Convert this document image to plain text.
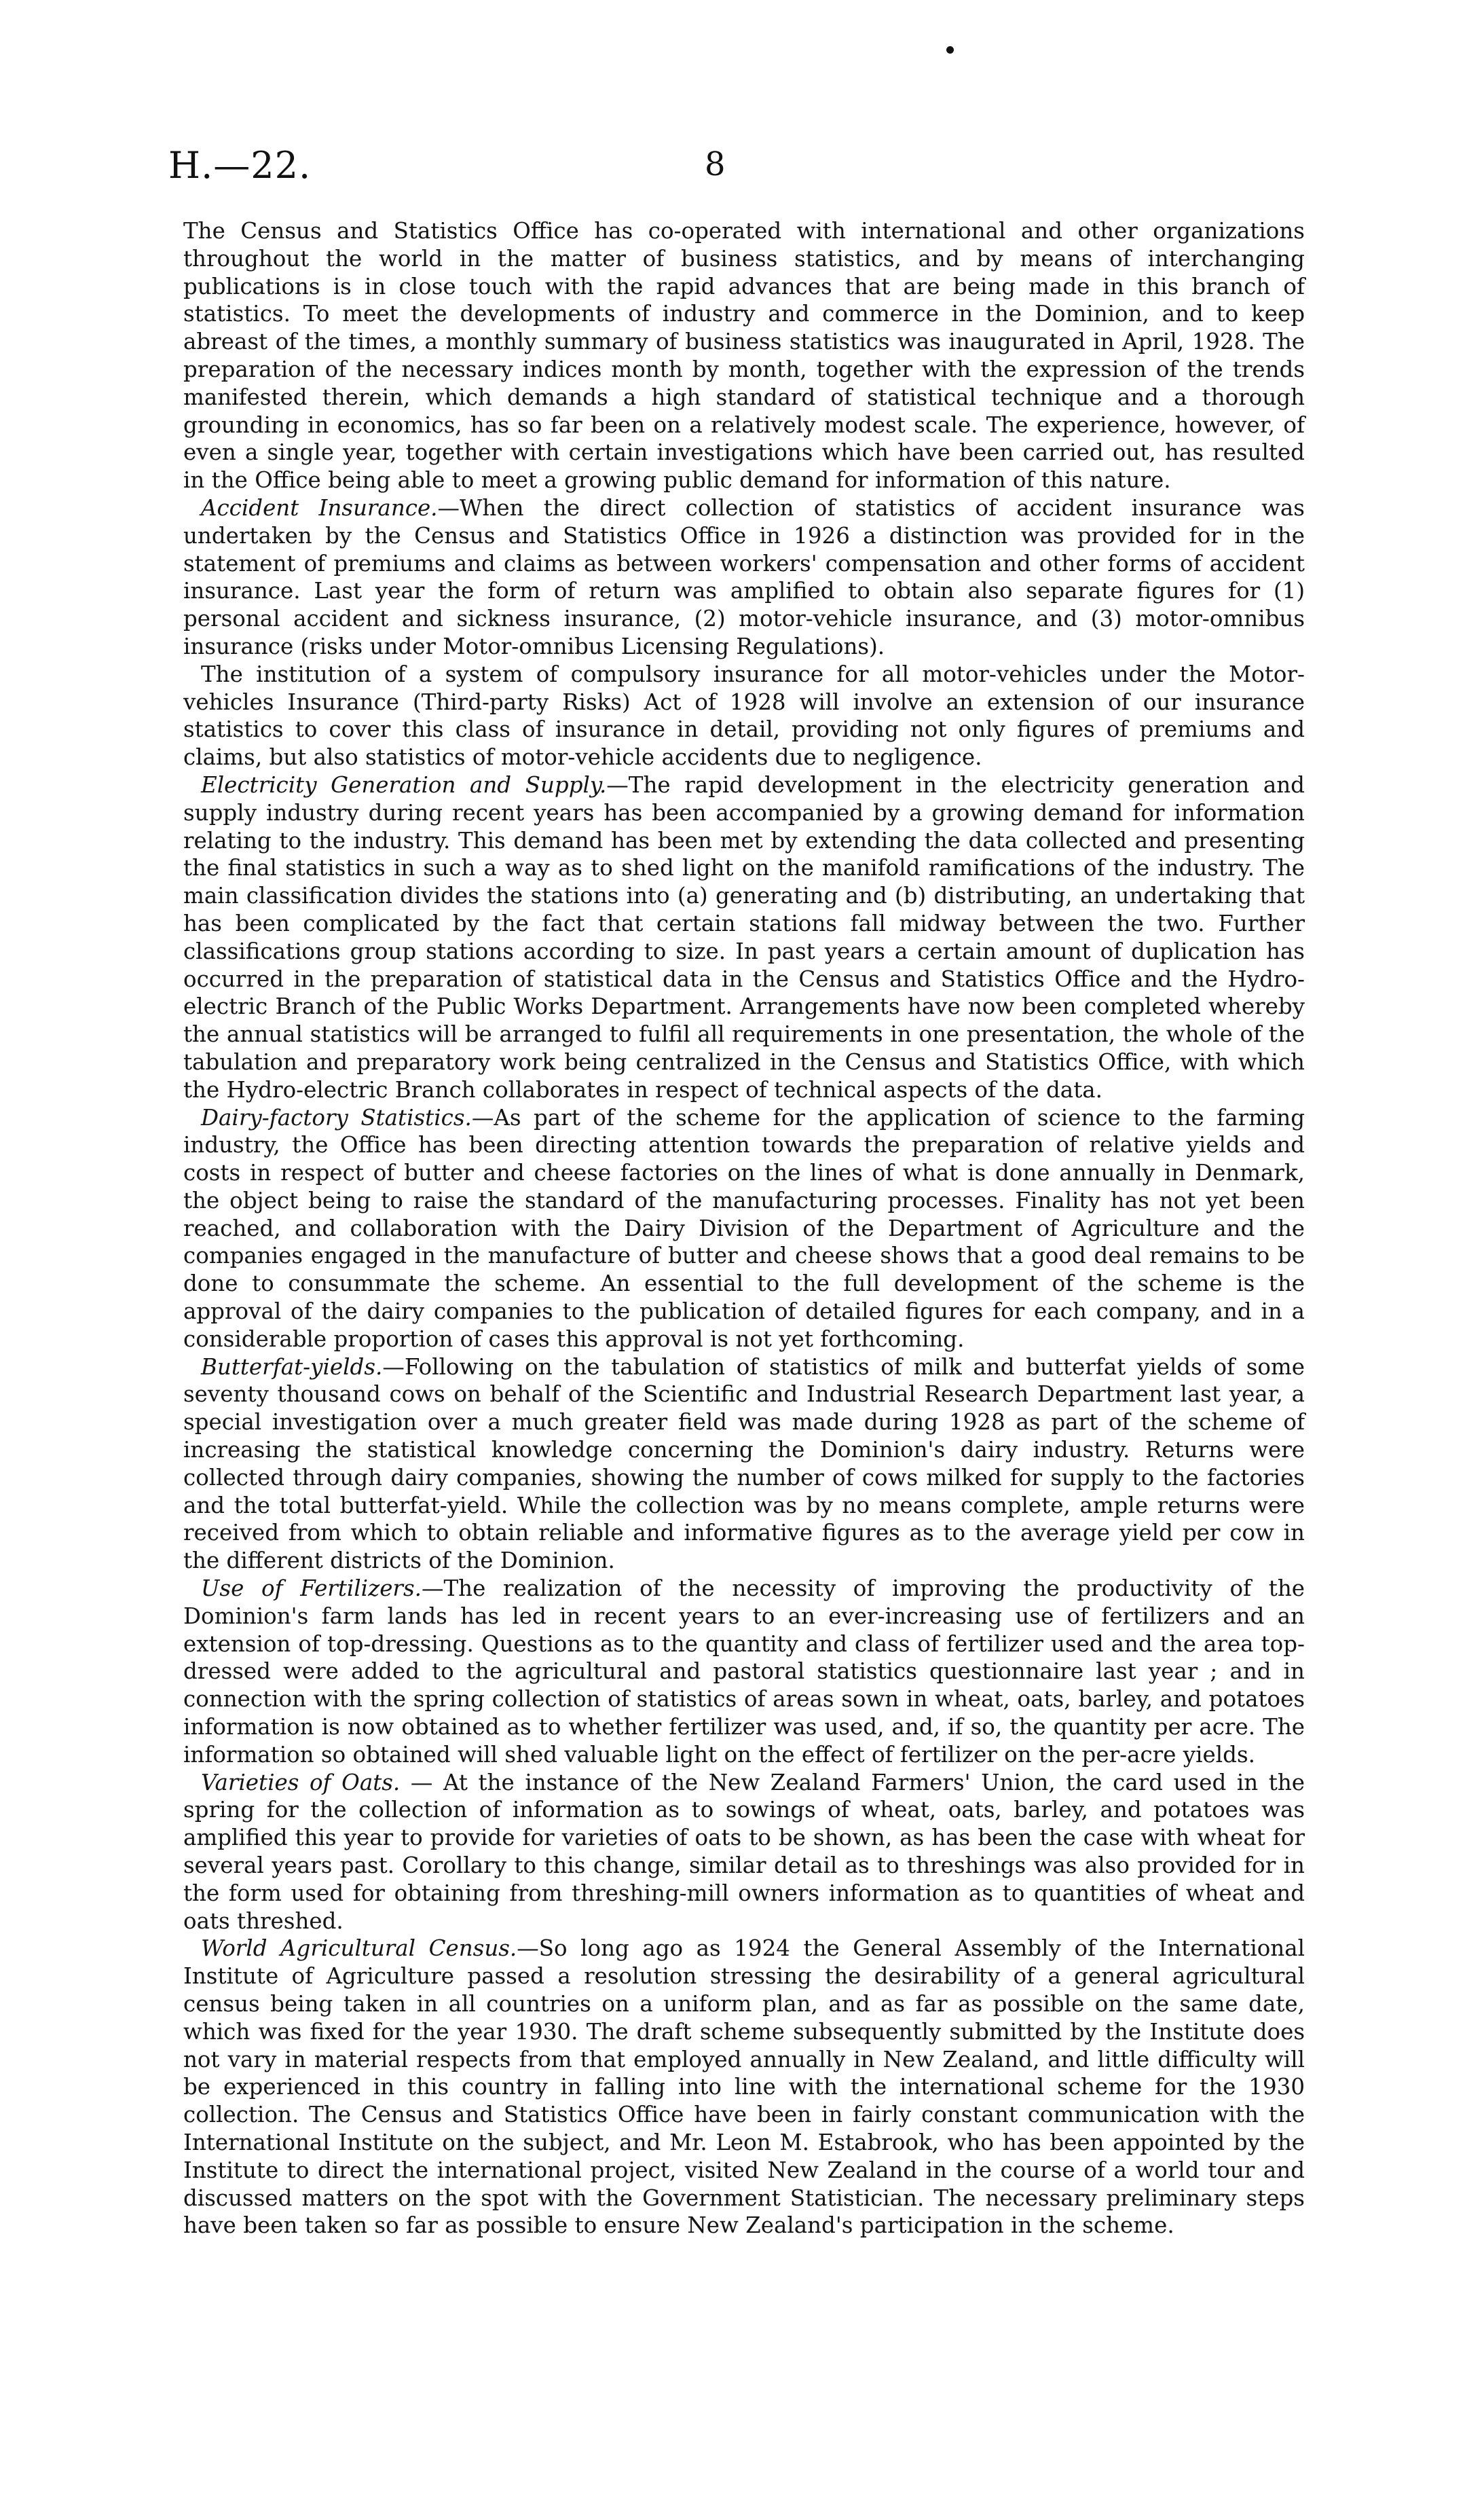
H.—22.	8

The Census and Statistics Office has co-operated with international and other organizations throughout the world in the matter of business statistics, and by means of interchanging publications is in close touch with the rapid advances that are being made in this branch of statistics. To meet the developments of industry and commerce in the Dominion, and to keep abreast of the times, a monthly summary of business statistics was inaugurated in April, 1928. The preparation of the necessary indices month by month, together with the expression of the trends manifested therein, which demands a high standard of statistical technique and a thorough grounding in economics, has so far been on a relatively modest scale. The experience, however, of even a single year, together with certain investigations which have been carried out, has resulted in the Office being able to meet a growing public demand for information of this nature.

Accident Insurance.—When the direct collection of statistics of accident insurance was undertaken by the Census and Statistics Office in 1926 a distinction was provided for in the statement of premiums and claims as between workers' compensation and other forms of accident insurance. Last year the form of return was amplified to obtain also separate figures for (1) personal accident and sickness insurance, (2) motor-vehicle insurance, and (3) motor-omnibus insurance (risks under Motor-omnibus Licensing Regulations).

The institution of a system of compulsory insurance for all motor-vehicles under the Motor-vehicles Insurance (Third-party Risks) Act of 1928 will involve an extension of our insurance statistics to cover this class of insurance in detail, providing not only figures of premiums and claims, but also statistics of motor-vehicle accidents due to negligence.

Electricity Generation and Supply.—The rapid development in the electricity generation and supply industry during recent years has been accompanied by a growing demand for information relating to the industry. This demand has been met by extending the data collected and presenting the final statistics in such a way as to shed light on the manifold ramifications of the industry. The main classification divides the stations into (a) generating and (b) distributing, an undertaking that has been complicated by the fact that certain stations fall midway between the two. Further classifications group stations according to size. In past years a certain amount of duplication has occurred in the preparation of statistical data in the Census and Statistics Office and the Hydro-electric Branch of the Public Works Department. Arrangements have now been completed whereby the annual statistics will be arranged to fulfil all requirements in one presentation, the whole of the tabulation and preparatory work being centralized in the Census and Statistics Office, with which the Hydro-electric Branch collaborates in respect of technical aspects of the data.

Dairy-factory Statistics.—As part of the scheme for the application of science to the farming industry, the Office has been directing attention towards the preparation of relative yields and costs in respect of butter and cheese factories on the lines of what is done annually in Denmark, the object being to raise the standard of the manufacturing processes. Finality has not yet been reached, and collaboration with the Dairy Division of the Department of Agriculture and the companies engaged in the manufacture of butter and cheese shows that a good deal remains to be done to consummate the scheme. An essential to the full development of the scheme is the approval of the dairy companies to the publication of detailed figures for each company, and in a considerable proportion of cases this approval is not yet forthcoming.

Butterfat-yields.—Following on the tabulation of statistics of milk and butterfat yields of some seventy thousand cows on behalf of the Scientific and Industrial Research Department last year, a special investigation over a much greater field was made during 1928 as part of the scheme of increasing the statistical knowledge concerning the Dominion's dairy industry. Returns were collected through dairy companies, showing the number of cows milked for supply to the factories and the total butterfat-yield. While the collection was by no means complete, ample returns were received from which to obtain reliable and informative figures as to the average yield per cow in the different districts of the Dominion.

Use of Fertilizers.—The realization of the necessity of improving the productivity of the Dominion's farm lands has led in recent years to an ever-increasing use of fertilizers and an extension of top-dressing. Questions as to the quantity and class of fertilizer used and the area top-dressed were added to the agricultural and pastoral statistics questionnaire last year ; and in connection with the spring collection of statistics of areas sown in wheat, oats, barley, and potatoes information is now obtained as to whether fertilizer was used, and, if so, the quantity per acre. The information so obtained will shed valuable light on the effect of fertilizer on the per-acre yields.

Varieties of Oats. — At the instance of the New Zealand Farmers' Union, the card used in the spring for the collection of information as to sowings of wheat, oats, barley, and potatoes was amplified this year to provide for varieties of oats to be shown, as has been the case with wheat for several years past. Corollary to this change, similar detail as to threshings was also provided for in the form used for obtaining from threshing-mill owners information as to quantities of wheat and oats threshed.

World Agricultural Census.—So long ago as 1924 the General Assembly of the International Institute of Agriculture passed a resolution stressing the desirability of a general agricultural census being taken in all countries on a uniform plan, and as far as possible on the same date, which was fixed for the year 1930. The draft scheme subsequently submitted by the Institute does not vary in material respects from that employed annually in New Zealand, and little difficulty will be experienced in this country in falling into line with the international scheme for the 1930 collection. The Census and Statistics Office have been in fairly constant communication with the International Institute on the subject, and Mr. Leon M. Estabrook, who has been appointed by the Institute to direct the international project, visited New Zealand in the course of a world tour and discussed matters on the spot with the Government Statistician. The necessary preliminary steps have been taken so far as possible to ensure New Zealand's participation in the scheme.
